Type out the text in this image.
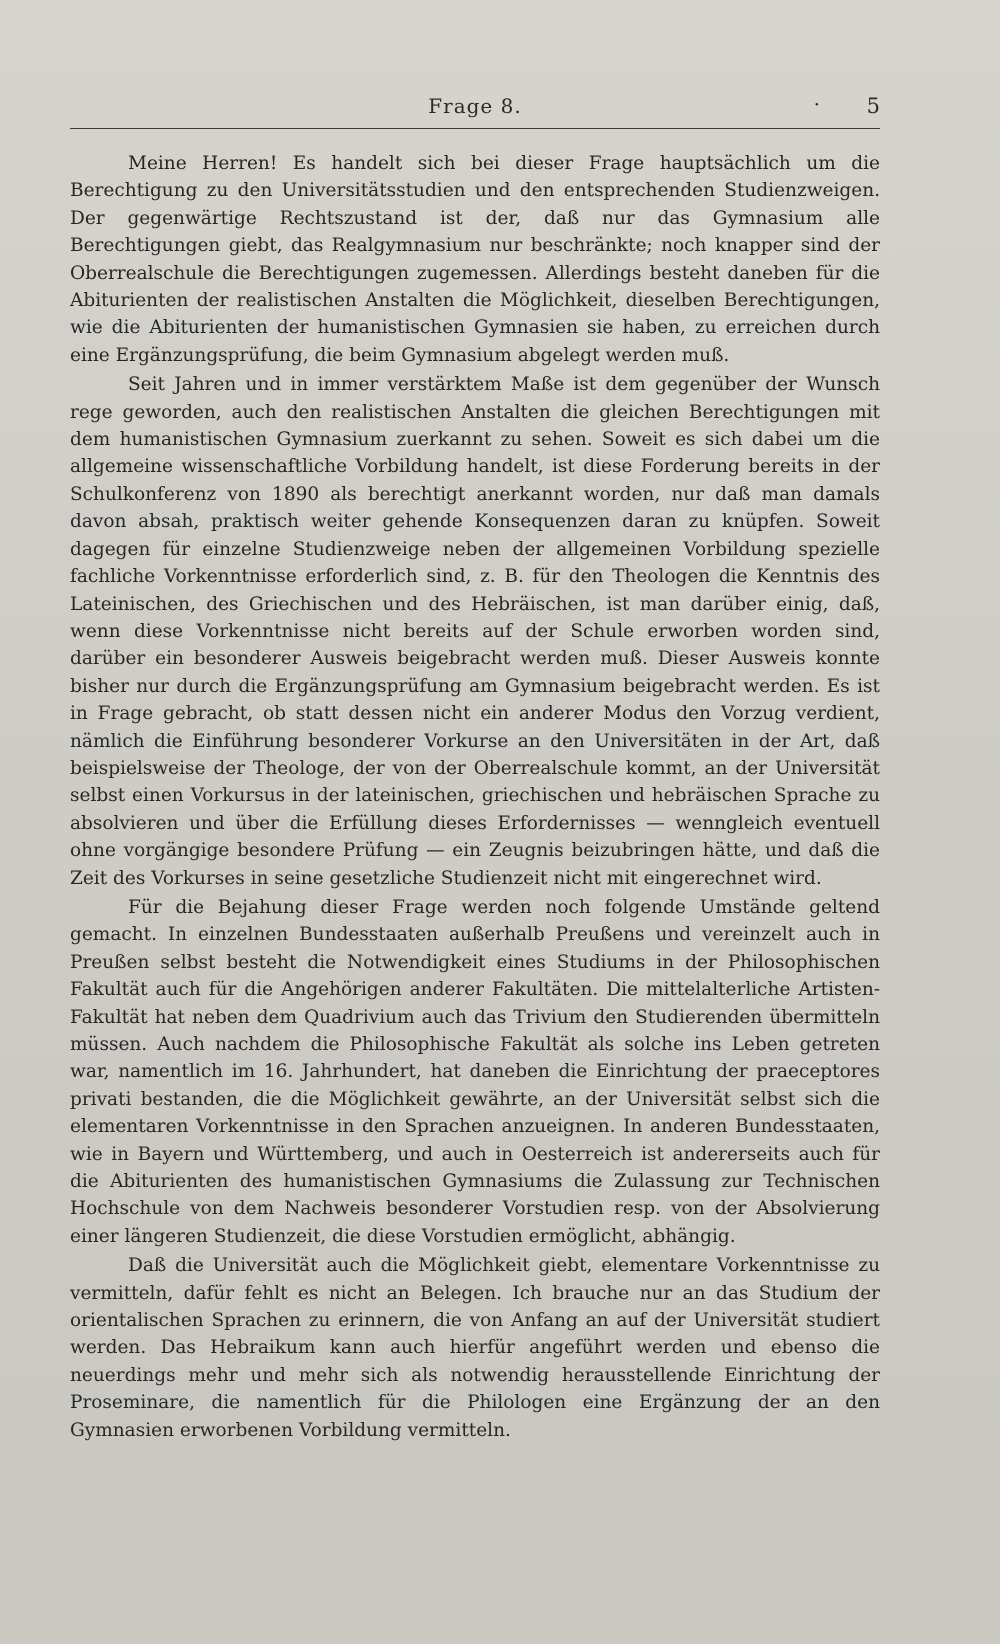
Frage 8.	· 5

Meine Herren! Es handelt sich bei dieser Frage hauptsächlich um die Berechtigung zu den Universitätsstudien und den entsprechenden Studienzweigen. Der gegenwärtige Rechtszustand ist der, daß nur das Gymnasium alle Berechtigungen giebt, das Realgymnasium nur beschränkte; noch knapper sind der Oberrealschule die Berechtigungen zugemessen. Allerdings besteht daneben für die Abiturienten der realistischen Anstalten die Möglichkeit, dieselben Berechtigungen, wie die Abiturienten der humanistischen Gymnasien sie haben, zu erreichen durch eine Ergänzungsprüfung, die beim Gymnasium abgelegt werden muß.

Seit Jahren und in immer verstärktem Maße ist dem gegenüber der Wunsch rege geworden, auch den realistischen Anstalten die gleichen Berechtigungen mit dem humanistischen Gymnasium zuerkannt zu sehen. Soweit es sich dabei um die allgemeine wissenschaftliche Vorbildung handelt, ist diese Forderung bereits in der Schulkonferenz von 1890 als berechtigt anerkannt worden, nur daß man damals davon absah, praktisch weiter gehende Konsequenzen daran zu knüpfen. Soweit dagegen für einzelne Studienzweige neben der allgemeinen Vorbildung spezielle fachliche Vorkenntnisse erforderlich sind, z. B. für den Theologen die Kenntnis des Lateinischen, des Griechischen und des Hebräischen, ist man darüber einig, daß, wenn diese Vorkenntnisse nicht bereits auf der Schule erworben worden sind, darüber ein besonderer Ausweis beigebracht werden muß. Dieser Ausweis konnte bisher nur durch die Ergänzungsprüfung am Gymnasium beigebracht werden. Es ist in Frage gebracht, ob statt dessen nicht ein anderer Modus den Vorzug verdient, nämlich die Einführung besonderer Vorkurse an den Universitäten in der Art, daß beispielsweise der Theologe, der von der Oberrealschule kommt, an der Universität selbst einen Vorkursus in der lateinischen, griechischen und hebräischen Sprache zu absolvieren und über die Erfüllung dieses Erfordernisses — wenngleich eventuell ohne vorgängige besondere Prüfung — ein Zeugnis beizubringen hätte, und daß die Zeit des Vorkurses in seine gesetzliche Studienzeit nicht mit eingerechnet wird.

Für die Bejahung dieser Frage werden noch folgende Umstände geltend gemacht. In einzelnen Bundesstaaten außerhalb Preußens und vereinzelt auch in Preußen selbst besteht die Notwendigkeit eines Studiums in der Philosophischen Fakultät auch für die Angehörigen anderer Fakultäten. Die mittelalterliche Artisten-Fakultät hat neben dem Quadrivium auch das Trivium den Studierenden übermitteln müssen. Auch nachdem die Philosophische Fakultät als solche ins Leben getreten war, namentlich im 16. Jahrhundert, hat daneben die Einrichtung der praeceptores privati bestanden, die die Möglichkeit gewährte, an der Universität selbst sich die elementaren Vorkenntnisse in den Sprachen anzueignen. In anderen Bundesstaaten, wie in Bayern und Württemberg, und auch in Oesterreich ist andererseits auch für die Abiturienten des humanistischen Gymnasiums die Zulassung zur Technischen Hochschule von dem Nachweis besonderer Vorstudien resp. von der Absolvierung einer längeren Studienzeit, die diese Vorstudien ermöglicht, abhängig.

Daß die Universität auch die Möglichkeit giebt, elementare Vorkenntnisse zu vermitteln, dafür fehlt es nicht an Belegen. Ich brauche nur an das Studium der orientalischen Sprachen zu erinnern, die von Anfang an auf der Universität studiert werden. Das Hebraikum kann auch hierfür angeführt werden und ebenso die neuerdings mehr und mehr sich als notwendig herausstellende Einrichtung der Proseminare, die namentlich für die Philologen eine Ergänzung der an den Gymnasien erworbenen Vorbildung vermitteln.
